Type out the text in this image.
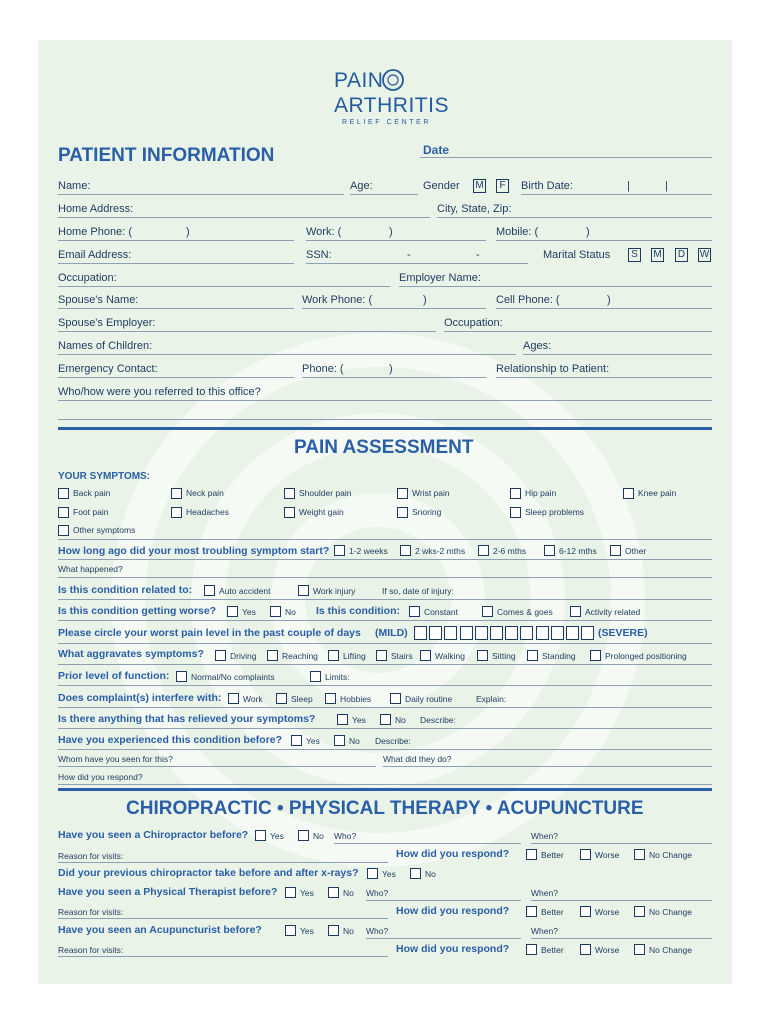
PAIN
ARTHRITIS
RELIEF CENTER
PATIENT INFORMATION	Date
Name:	Age:	Gender M	F	Birth Date:	|	|
Home Address:	City, State, Zip:
Home Phone: (	)	Work: (	)	Mobile: (	)
Email Address:	SSN:	-	-	Marital Status	S	M D W
Occupation:	Employer Name:
Spouse's Name:	Work Phone: (	)	Cell Phone: (	)
Spouse's Employer:	Occupation:
Names of Children:	Ages:
Emergency Contact:	Phone: (	)	Relationship to Patient:
Who/how were you referred to this office?
PAIN ASSESSMENT
YOUR SYMPTOMS:
Back pain	Neck pain	Shoulder pain	Wrist pain	Hip pain	Knee pain
Foot pain	Headaches	Weight gain	Snoring	Sleep problems
Other symptoms
How long ago did your most troubling symptom start? 1-2 weeks	2 wks-2 mths	2-6 mths	6-12 mths	Other
What happened?
Is this condition related to:	Auto accident	Work injury	If so, date of injury:
Is this condition getting worse?	Yes	No Is this condition:	Constant	Comes & goes	Activity related
Please circle your worst pain level in the past couple of days (MILD)	(SEVERE)
What aggravates symptoms?	Driving	Reaching	Lifting	Stairs	Walking	Sitting	Standing	Prolonged positioning
Prior level of function:	Normal/No complaints	Limits:
Does complaint(s) interfere with:	Work	Sleep	Hobbies	Daily routine	Explain:
Is there anything that has relieved your symptoms?	Yes	No Describe:
Have you experienced this condition before?	Yes	No Describe:
Whom have you seen for this?	What did they do?
How did you respond?
CHIROPRACTIC • PHYSICAL THERAPY • ACUPUNCTURE
Have you seen a Chiropractor before?	Yes	No Who?	When?
Reason for visits:	How did you respond?	Better	Worse	No Change
Did your previous chiropractor take before and after x-rays?	Yes	No
Have you seen a Physical Therapist before?	Yes	No Who?	When?
Reason for visits:	How did you respond?	Better	Worse	No Change
Have you seen an Acupuncturist before?	Yes	No Who?	When?
Reason for visits:	How did you respond?	Better	Worse	No Change
